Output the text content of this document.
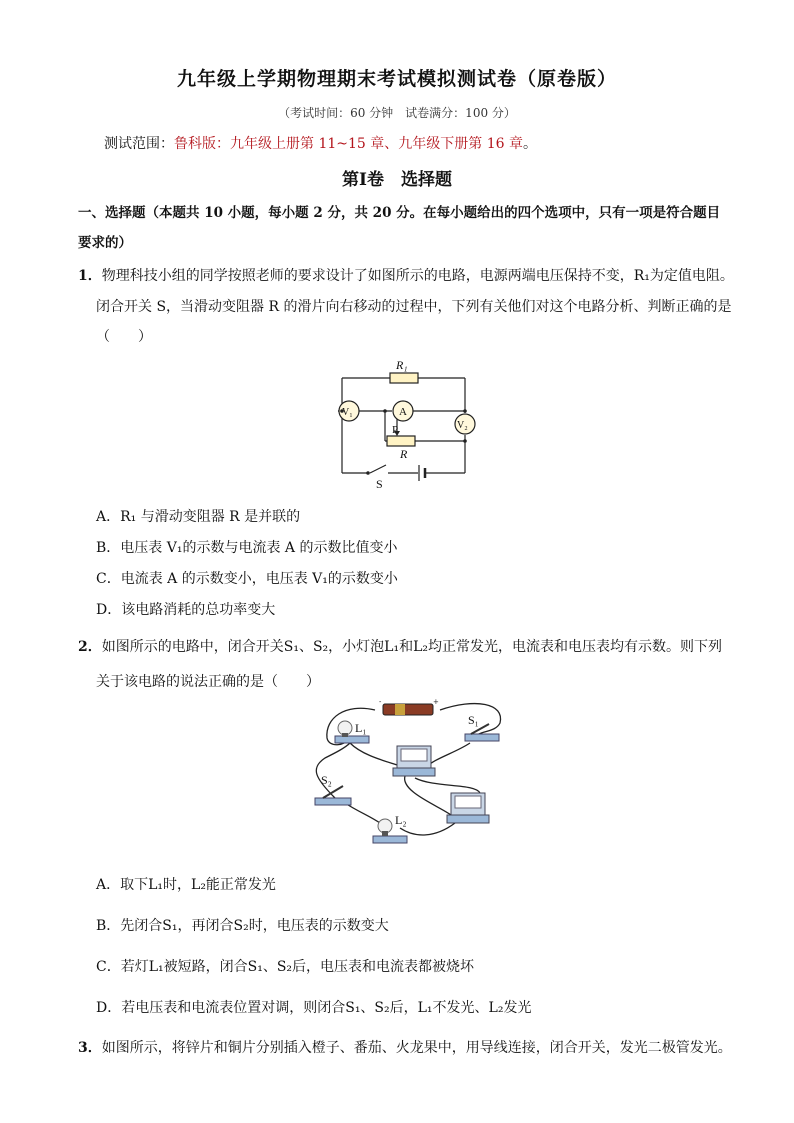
九年级上学期物理期末考试模拟测试卷（原卷版）
（考试时间：60 分钟　试卷满分：100 分）
测试范围：鲁科版：九年级上册第 11~15 章、九年级下册第 16 章。
第Ⅰ卷　选择题
一、选择题（本题共 10 小题，每小题 2 分，共 20 分。在每小题给出的四个选项中，只有一项是符合题目
要求的）
1．物理科技小组的同学按照老师的要求设计了如图所示的电路，电源两端电压保持不变，R₁为定值电阻。
闭合开关 S，当滑动变阻器 R 的滑片向右移动的过程中，下列有关他们对这个电路分析、判断正确的是
（　　）
R₁
V₁	A
V₂
P
R
S
A．R₁ 与滑动变阻器 R 是并联的
B．电压表 V₁的示数与电流表 A 的示数比值变小
C．电流表 A 的示数变小，电压表 V₁的示数变小
D．该电路消耗的总功率变大
2．如图所示的电路中，闭合开关S₁、S₂，小灯泡L₁和L₂均正常发光，电流表和电压表均有示数。则下列
关于该电路的说法正确的是（　　）
-	+
L₁
S₁
S₂
L₂
A．取下L₁时，L₂能正常发光
B．先闭合S₁，再闭合S₂时，电压表的示数变大
C．若灯L₁被短路，闭合S₁、S₂后，电压表和电流表都被烧坏
D．若电压表和电流表位置对调，则闭合S₁、S₂后，L₁不发光、L₂发光
3．如图所示，将锌片和铜片分别插入橙子、番茄、火龙果中，用导线连接，闭合开关，发光二极管发光。
